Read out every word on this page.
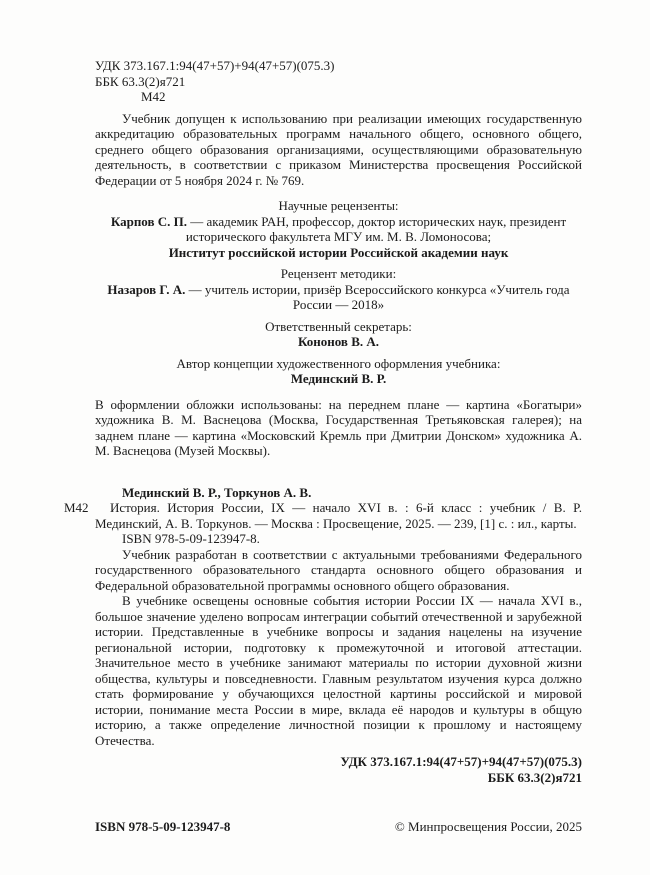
УДК 373.167.1:94(47+57)+94(47+57)(075.3)
ББК 63.3(2)я721
М42

Учебник допущен к использованию при реализации имеющих государственную аккредитацию образовательных программ начального общего, основного общего, среднего общего образования организациями, осуществляющими образовательную деятельность, в соответствии с приказом Министерства просвещения Российской Федерации от 5 ноября 2024 г. № 769.

Научные рецензенты:

Карпов С. П. — академик РАН, профессор, доктор исторических наук, президент исторического факультета МГУ им. М. В. Ломоносова;

Институт российской истории Российской академии наук

Рецензент методики:

Назаров Г. А. — учитель истории, призёр Всероссийского конкурса «Учитель года России — 2018»

Ответственный секретарь:

Кононов В. А.

Автор концепции художественного оформления учебника:

Мединский В. Р.

В оформлении обложки использованы: на переднем плане — картина «Богатыри» художника В. М. Васнецова (Москва, Государственная Третьяковская галерея); на заднем плане — картина «Московский Кремль при Дмитрии Донском» художника А. М. Васнецова (Музей Москвы).

Мединский В. Р., Торкунов А. В.

М42 История. История России, IX — начало XVI в. : 6-й класс : учебник / В. Р. Мединский, А. В. Торкунов. — Москва : Просвещение, 2025. — 239, [1] с. : ил., карты.

ISBN 978-5-09-123947-8.

Учебник разработан в соответствии с актуальными требованиями Федерального государственного образовательного стандарта основного общего образования и Федеральной образовательной программы основного общего образования.

В учебнике освещены основные события истории России IX — начала XVI в., большое значение уделено вопросам интеграции событий отечественной и зарубежной истории. Представленные в учебнике вопросы и задания нацелены на изучение региональной истории, подготовку к промежуточной и итоговой аттестации. Значительное место в учебнике занимают материалы по истории духовной жизни общества, культуры и повседневности. Главным результатом изучения курса должно стать формирование у обучающихся целостной картины российской и мировой истории, понимание места России в мире, вклада её народов и культуры в общую историю, а также определение личностной позиции к прошлому и настоящему Отечества.

УДК 373.167.1:94(47+57)+94(47+57)(075.3)
ББК 63.3(2)я721
ISBN 978-5-09-123947-8	© Минпросвещения России, 2025
